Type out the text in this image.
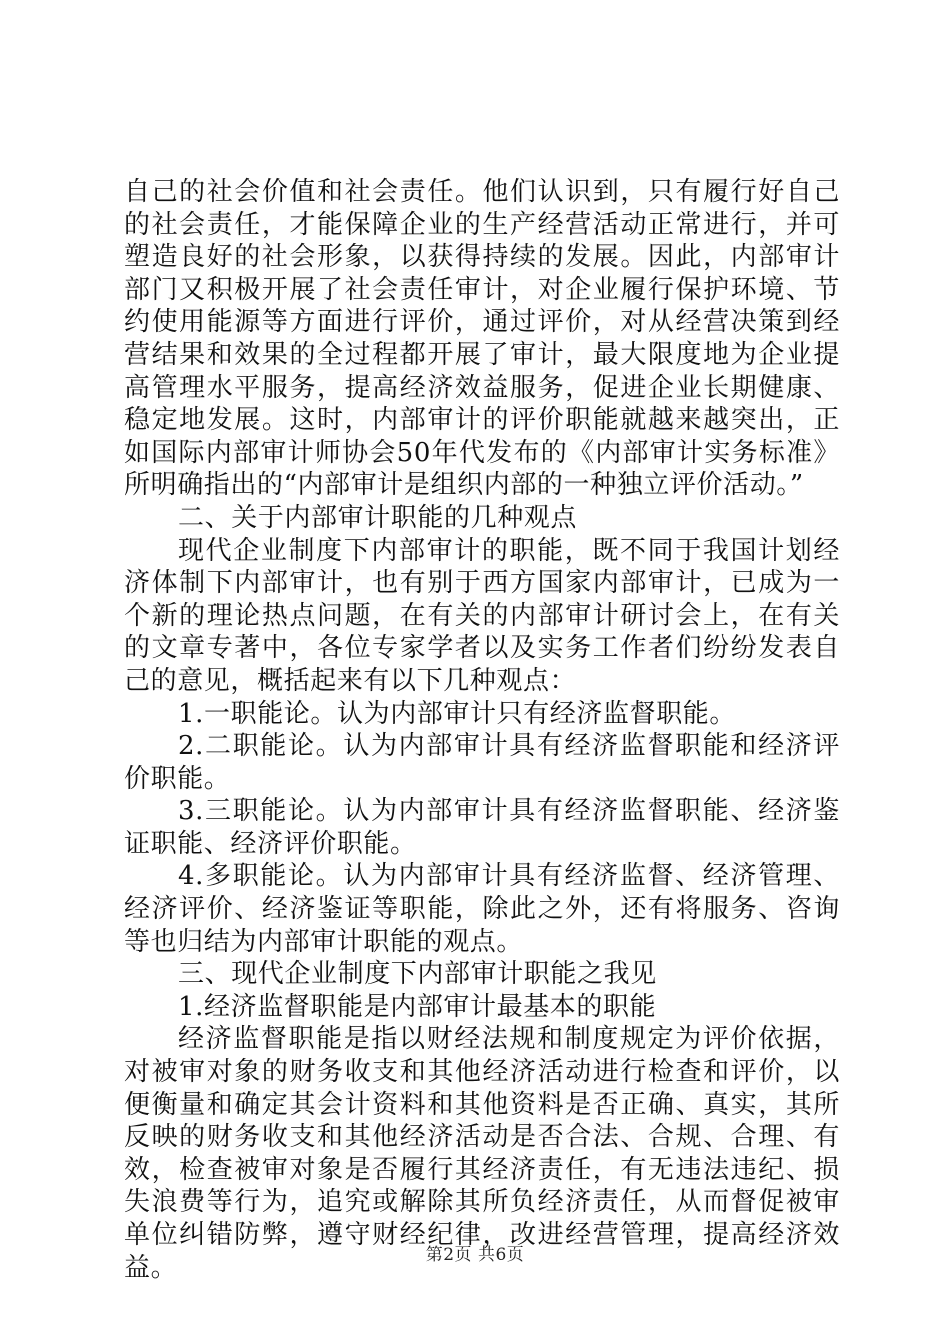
自己的社会价值和社会责任。他们认识到，只有履行好自己的社会责任，才能保障企业的生产经营活动正常进行，并可塑造良好的社会形象，以获得持续的发展。因此，内部审计部门又积极开展了社会责任审计，对企业履行保护环境、节约使用能源等方面进行评价，通过评价，对从经营决策到经营结果和效果的全过程都开展了审计，最大限度地为企业提高管理水平服务，提高经济效益服务，促进企业长期健康、稳定地发展。这时，内部审计的评价职能就越来越突出，正如国际内部审计师协会50年代发布的《内部审计实务标准》所明确指出的“内部审计是组织内部的一种独立评价活动。”

二、关于内部审计职能的几种观点

现代企业制度下内部审计的职能，既不同于我国计划经济体制下内部审计，也有别于西方国家内部审计，已成为一个新的理论热点问题，在有关的内部审计研讨会上，在有关的文章专著中，各位专家学者以及实务工作者们纷纷发表自己的意见，概括起来有以下几种观点：

1.一职能论。认为内部审计只有经济监督职能。

2.二职能论。认为内部审计具有经济监督职能和经济评价职能。

3.三职能论。认为内部审计具有经济监督职能、经济鉴证职能、经济评价职能。

4.多职能论。认为内部审计具有经济监督、经济管理、经济评价、经济鉴证等职能，除此之外，还有将服务、咨询等也归结为内部审计职能的观点。

三、现代企业制度下内部审计职能之我见

1.经济监督职能是内部审计最基本的职能

经济监督职能是指以财经法规和制度规定为评价依据，对被审对象的财务收支和其他经济活动进行检查和评价，以便衡量和确定其会计资料和其他资料是否正确、真实，其所反映的财务收支和其他经济活动是否合法、合规、合理、有效，检查被审对象是否履行其经济责任，有无违法违纪、损失浪费等行为，追究或解除其所负经济责任，从而督促被审单位纠错防弊，遵守财经纪律，改进经营管理，提高经济效益。	第2页 共6页
